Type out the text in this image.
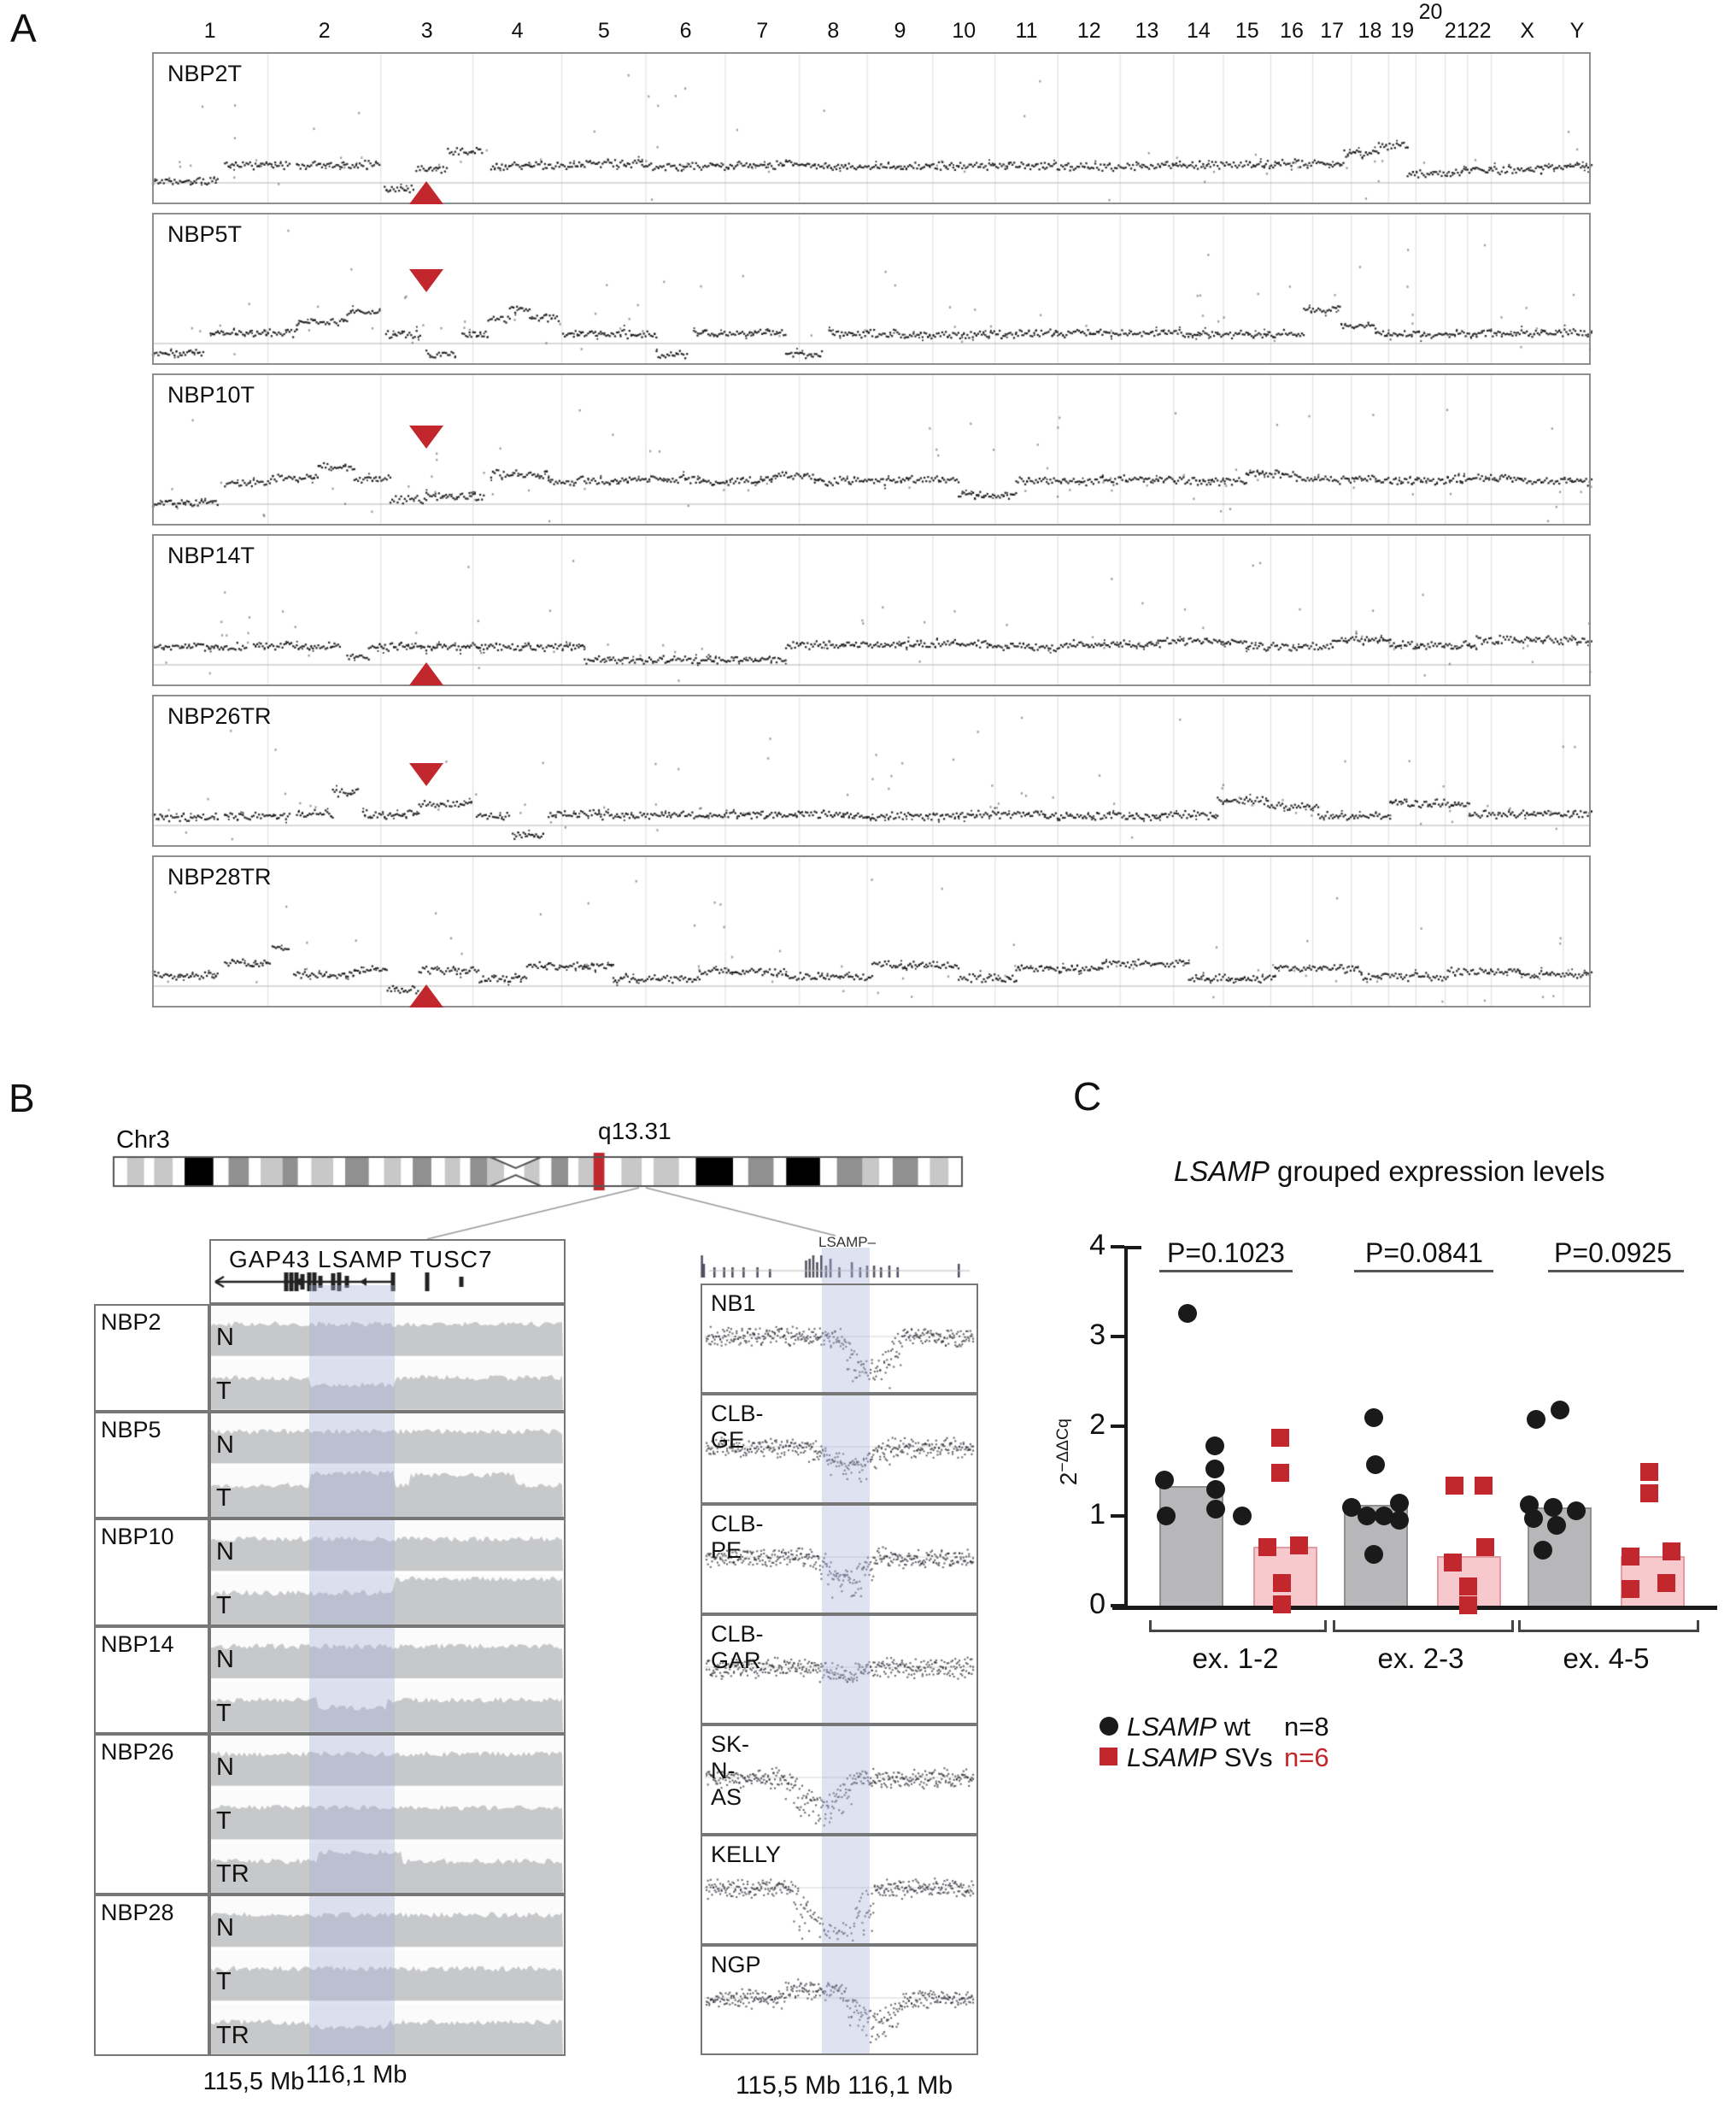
A
B	C
1	2	3	4	5	6	7	8	9 10 11 12 13 14 15 16 17 18 19
20
21 22 X Y
NBP2T
NBP5T
NBP10T
NBP14T
NBP26TR
NBP28TR
Chr3	q13.31
GAP43 LSAMP TUSC7
LSAMP–
NBP2
N
T
NBP5
N
T
NBP10
N
T
NBP14
N
T
NBP26
N
T
TR
NBP28
N
T
TR
NB1
CLB-GE
CLB-PE
CLB-GAR
SK-N-AS
KELLY
NGP
115,5 Mb 116,1 Mb	115,5 Mb 116,1 Mb
LSAMP grouped expression levels
$2^{-\Delta\Delta Cq}$
4
3
2
1
0
P=0.1023
ex. 1-2
P=0.0841
ex. 2-3
P=0.0925
ex. 4-5
LSAMP wt n=8
LSAMP SVs n=6
